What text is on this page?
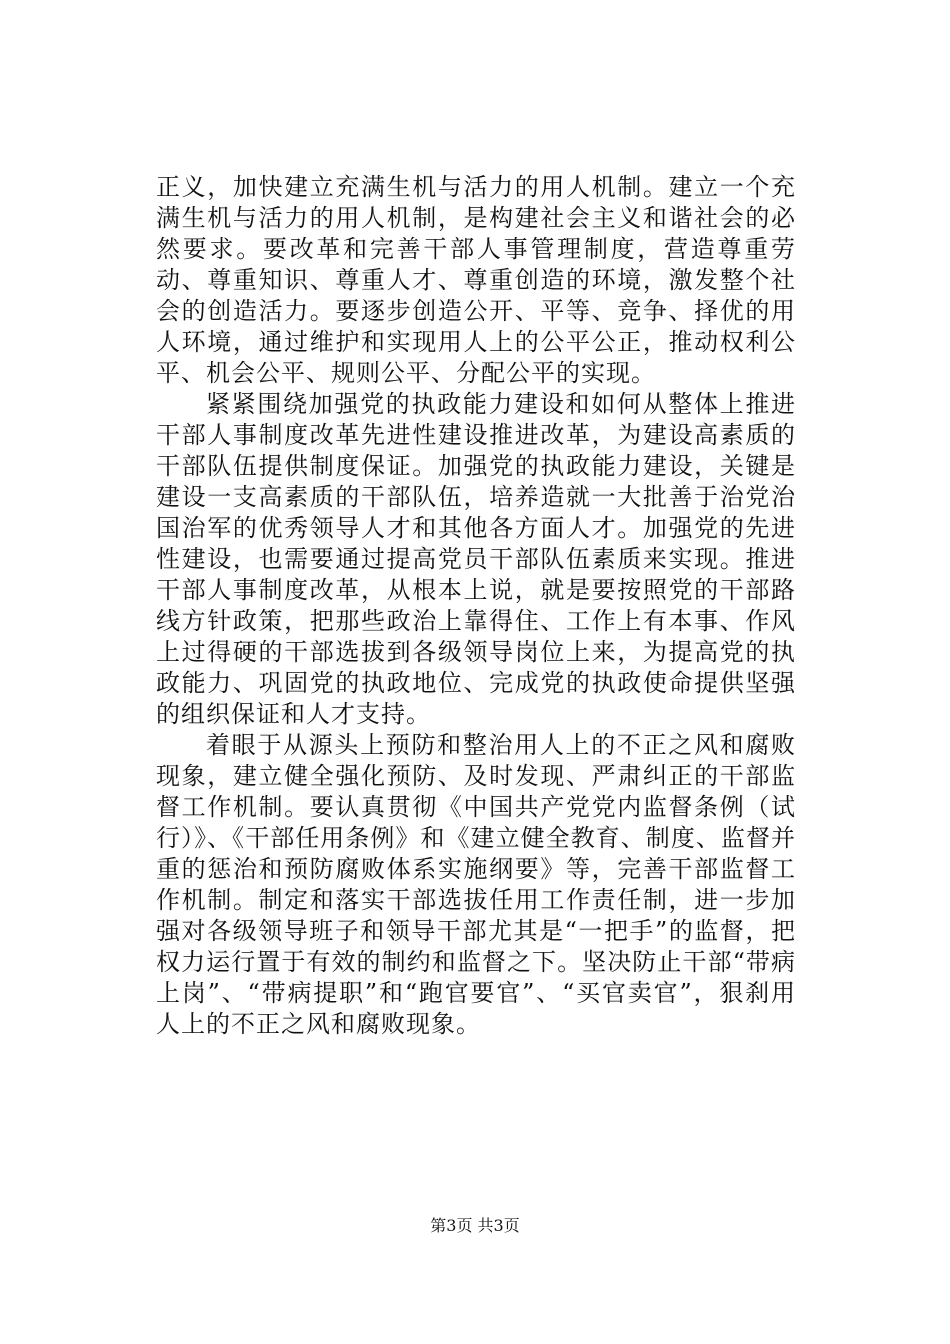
正义，加快建立充满生机与活力的用人机制。建立一个充满生机与活力的用人机制，是构建社会主义和谐社会的必然要求。要改革和完善干部人事管理制度，营造尊重劳动、尊重知识、尊重人才、尊重创造的环境，激发整个社会的创造活力。要逐步创造公开、平等、竞争、择优的用人环境，通过维护和实现用人上的公平公正，推动权利公平、机会公平、规则公平、分配公平的实现。

紧紧围绕加强党的执政能力建设和如何从整体上推进干部人事制度改革先进性建设推进改革，为建设高素质的干部队伍提供制度保证。加强党的执政能力建设，关键是建设一支高素质的干部队伍，培养造就一大批善于治党治国治军的优秀领导人才和其他各方面人才。加强党的先进性建设，也需要通过提高党员干部队伍素质来实现。推进干部人事制度改革，从根本上说，就是要按照党的干部路线方针政策，把那些政治上靠得住、工作上有本事、作风上过得硬的干部选拔到各级领导岗位上来，为提高党的执政能力、巩固党的执政地位、完成党的执政使命提供坚强的组织保证和人才支持。

着眼于从源头上预防和整治用人上的不正之风和腐败现象，建立健全强化预防、及时发现、严肃纠正的干部监督工作机制。要认真贯彻《中国共产党党内监督条例（试行）》、《干部任用条例》和《建立健全教育、制度、监督并重的惩治和预防腐败体系实施纲要》等，完善干部监督工作机制。制定和落实干部选拔任用工作责任制，进一步加强对各级领导班子和领导干部尤其是“一把手”的监督，把权力运行置于有效的制约和监督之下。坚决防止干部“带病上岗”、“带病提职”和“跑官要官”、“买官卖官”，狠刹用人上的不正之风和腐败现象。

第3页 共3页
